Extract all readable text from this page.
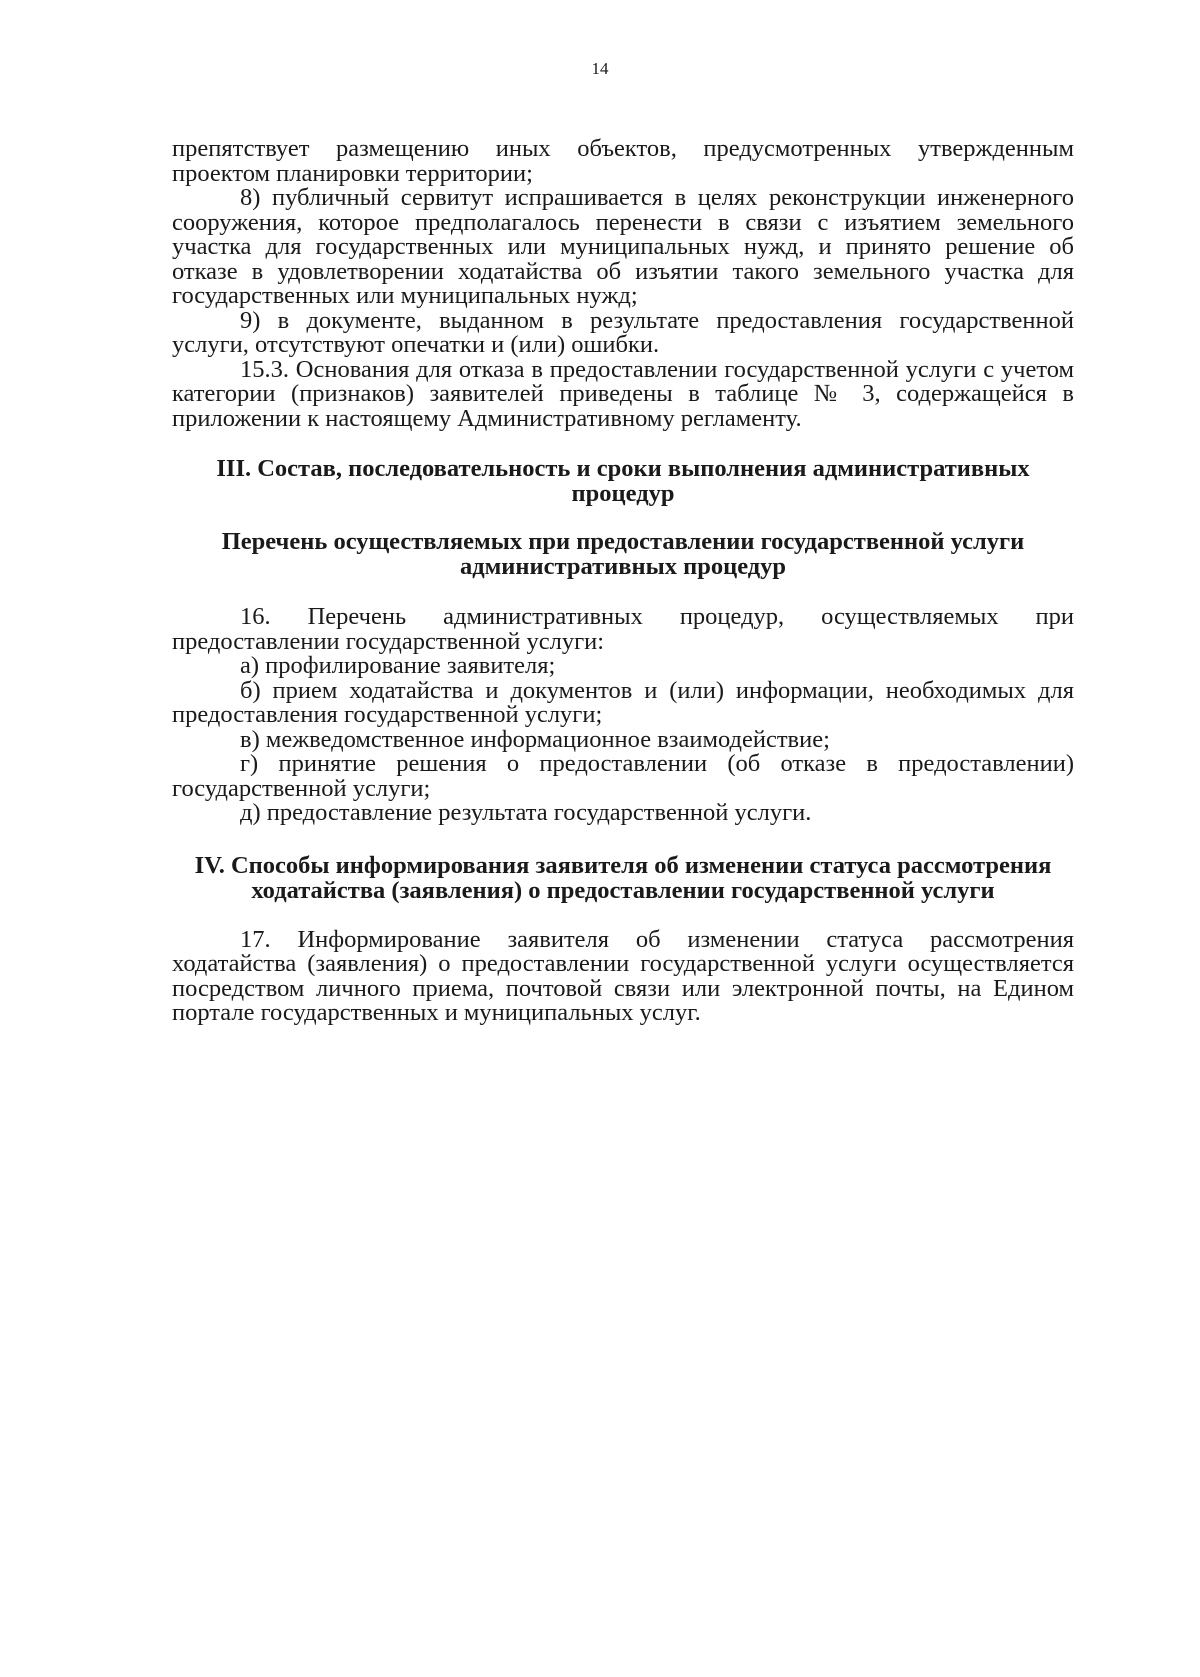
14

препятствует размещению иных объектов, предусмотренных утвержденным проектом планировки территории;

8) публичный сервитут испрашивается в целях реконструкции инженерного сооружения, которое предполагалось перенести в связи с изъятием земельного участка для государственных или муниципальных нужд, и принято решение об отказе в удовлетворении ходатайства об изъятии такого земельного участка для государственных или муниципальных нужд;

9) в документе, выданном в результате предоставления государственной услуги, отсутствуют опечатки и (или) ошибки.

15.3. Основания для отказа в предоставлении государственной услуги с учетом категории (признаков) заявителей приведены в таблице № 3, содержащейся в приложении к настоящему Административному регламенту.

III. Состав, последовательность и сроки выполнения административных процедур
Перечень осуществляемых при предоставлении государственной услуги
административных процедур

16. Перечень административных процедур, осуществляемых при предоставлении государственной услуги:

а) профилирование заявителя;

б) прием ходатайства и документов и (или) информации, необходимых для предоставления государственной услуги;

в) межведомственное информационное взаимодействие;

г) принятие решения о предоставлении (об отказе в предоставлении) государственной услуги;

д) предоставление результата государственной услуги.

IV. Способы информирования заявителя об изменении статуса рассмотрения
ходатайства (заявления) о предоставлении государственной услуги

17. Информирование заявителя об изменении статуса рассмотрения ходатайства (заявления) о предоставлении государственной услуги осуществляется посредством личного приема, почтовой связи или электронной почты, на Едином портале государственных и муниципальных услуг.
